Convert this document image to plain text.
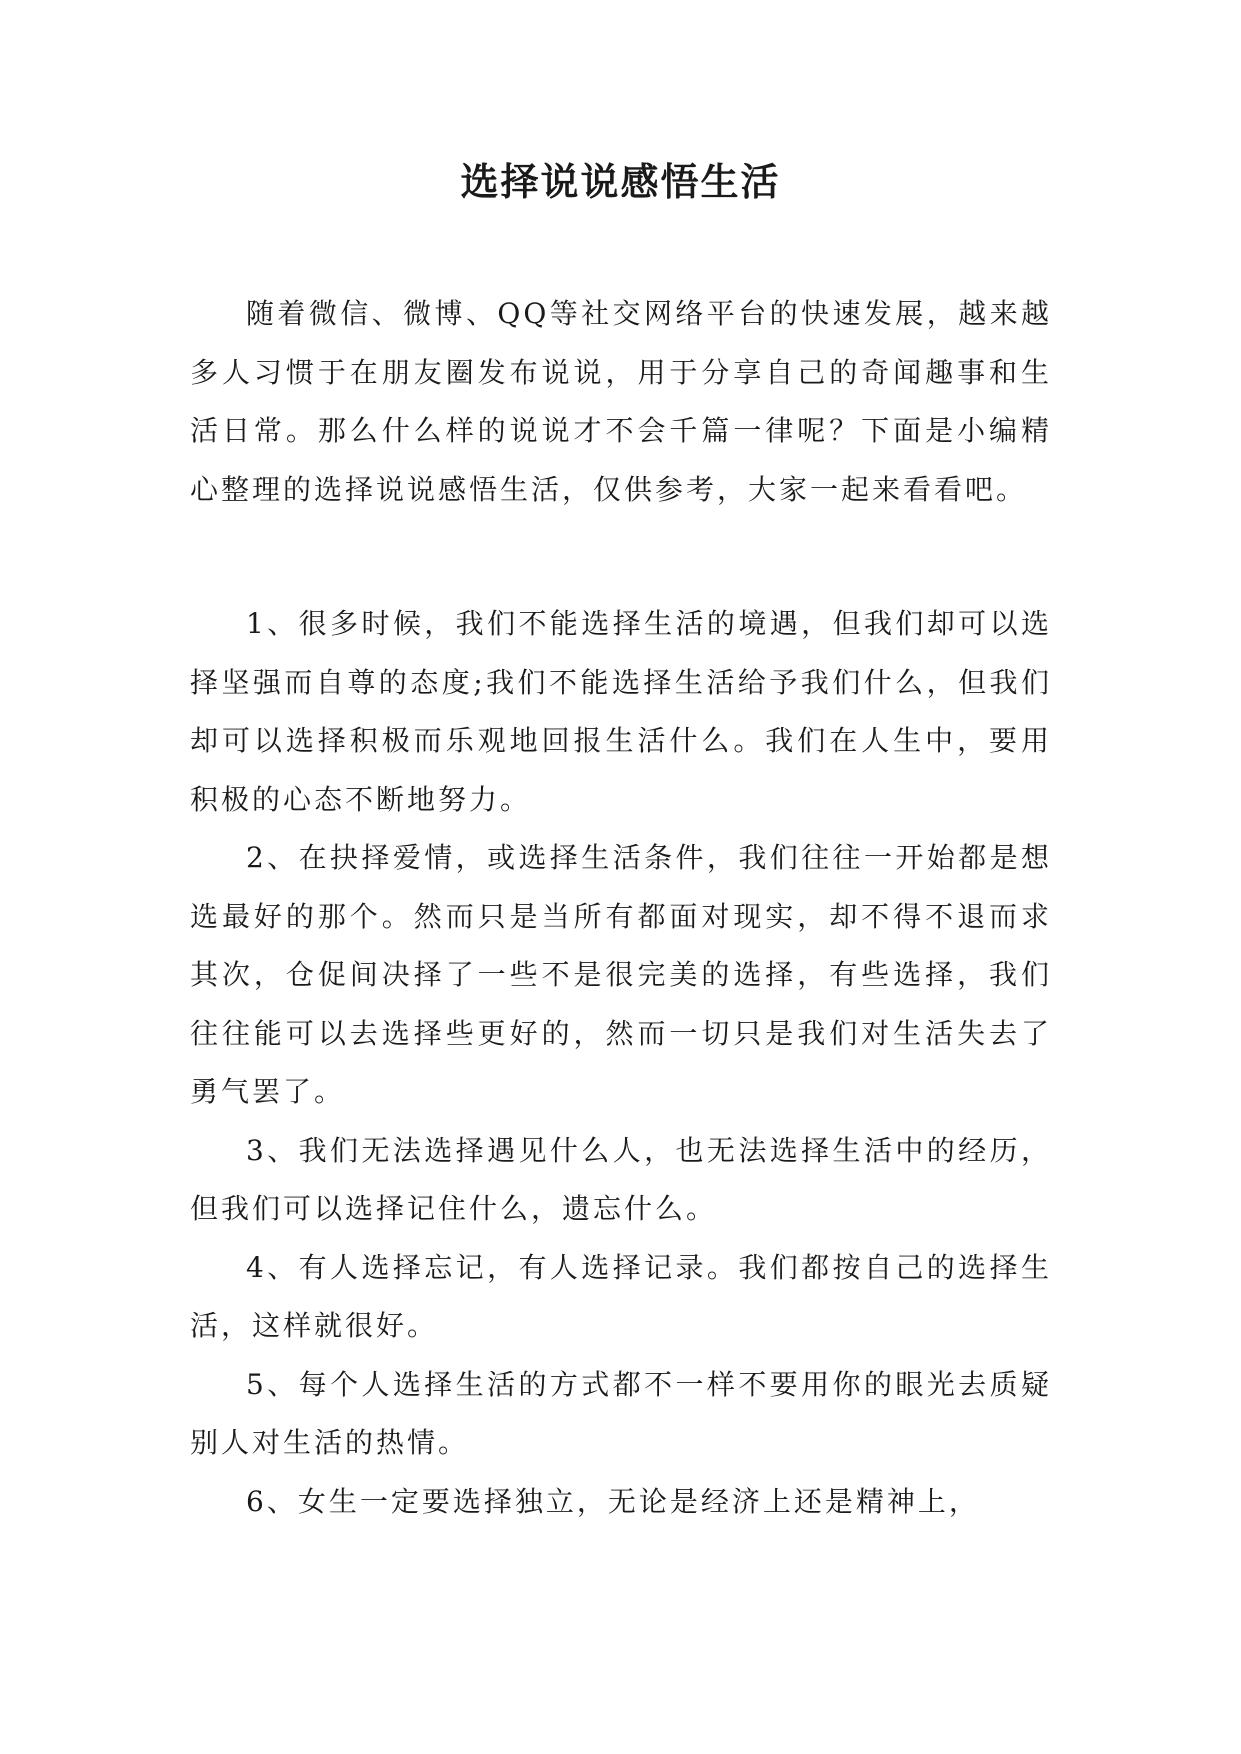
选择说说感悟生活

随着微信、微博、QQ等社交网络平台的快速发展，越来越多人习惯于在朋友圈发布说说，用于分享自己的奇闻趣事和生活日常。那么什么样的说说才不会千篇一律呢？下面是小编精心整理的选择说说感悟生活，仅供参考，大家一起来看看吧。

1、很多时候，我们不能选择生活的境遇，但我们却可以选择坚强而自尊的态度;我们不能选择生活给予我们什么，但我们却可以选择积极而乐观地回报生活什么。我们在人生中，要用积极的心态不断地努力。

2、在抉择爱情，或选择生活条件，我们往往一开始都是想选最好的那个。然而只是当所有都面对现实，却不得不退而求其次，仓促间决择了一些不是很完美的选择，有些选择，我们往往能可以去选择些更好的，然而一切只是我们对生活失去了勇气罢了。

3、我们无法选择遇见什么人，也无法选择生活中的经历，但我们可以选择记住什么，遗忘什么。

4、有人选择忘记，有人选择记录。我们都按自己的选择生活，这样就很好。

5、每个人选择生活的方式都不一样不要用你的眼光去质疑别人对生活的热情。

6、女生一定要选择独立，无论是经济上还是精神上，
